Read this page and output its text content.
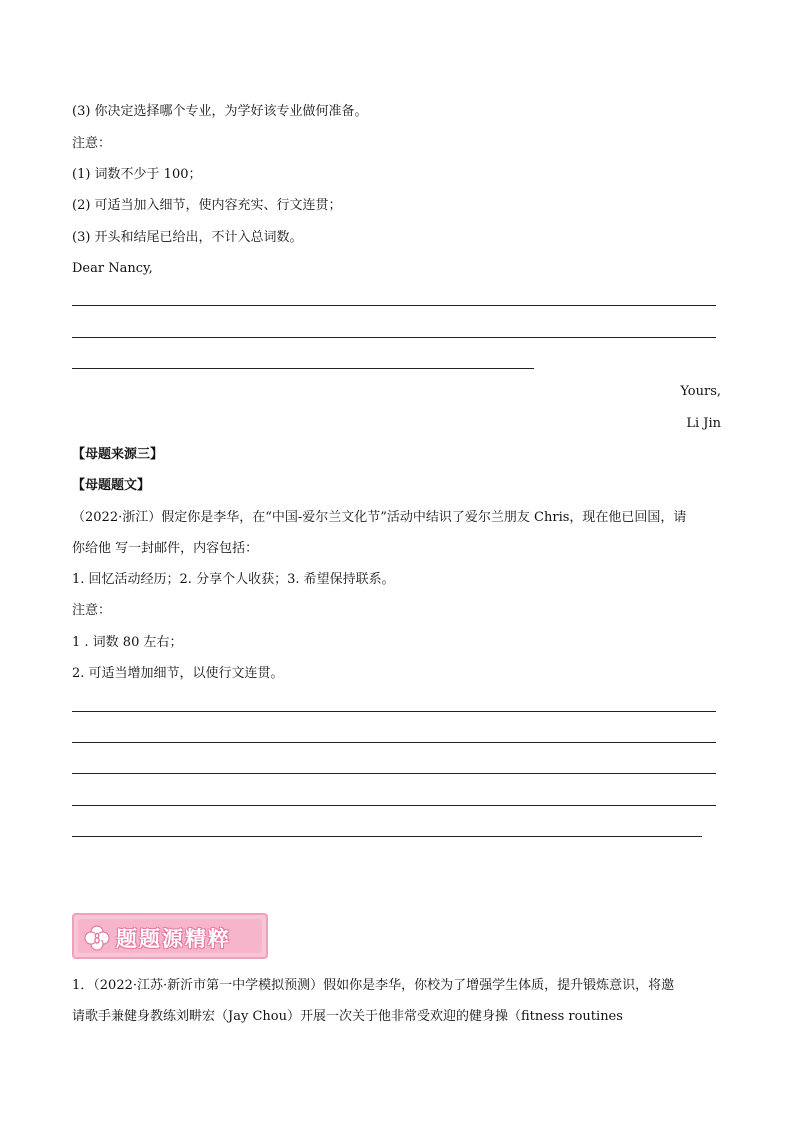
(3) 你决定选择哪个专业，为学好该专业做何准备。
注意：
(1) 词数不少于 100；
(2) 可适当加入细节，使内容充实、行文连贯；
(3) 开头和结尾已给出，不计入总词数。
Dear Nancy,
Yours,
Li Jin
【母题来源三】
【母题题文】
（2022·浙江）假定你是李华，在“中国-爱尔兰文化节”活动中结识了爱尔兰朋友 Chris，现在他已回国，请
你给他 写一封邮件，内容包括：
1. 回忆活动经历；2. 分享个人收获；3. 希望保持联系。
注意：
1 . 词数 80 左右；
2. 可适当增加细节，以使行文连贯。
题题源精粹
1．（2022·江苏·新沂市第一中学模拟预测）假如你是李华，你校为了增强学生体质，提升锻炼意识，将邀
请歌手兼健身教练刘畊宏（Jay Chou）开展一次关于他非常受欢迎的健身操（fitness routines
